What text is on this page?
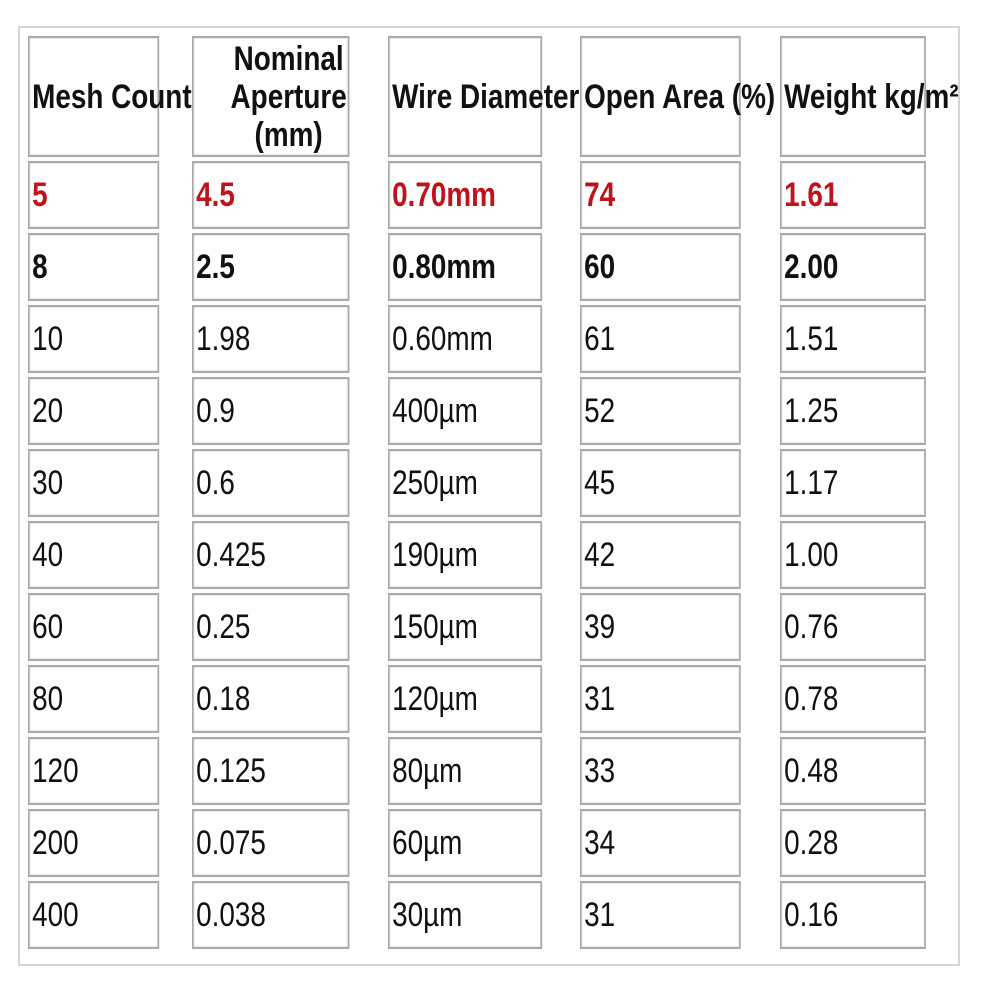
Mesh Count	Nominal Aperture (mm)	Wire Diameter	Open Area (%)	Weight kg/m²

5	4.5	0.70mm	74	1.61

8	2.5	0.80mm	60	2.00

10	1.98	0.60mm	61	1.51

20	0.9	400µm	52	1.25

30	0.6	250µm	45	1.17

40	0.425	190µm	42	1.00

60	0.25	150µm	39	0.76

80	0.18	120µm	31	0.78

120	0.125	80µm	33	0.48

200	0.075	60µm	34	0.28

400	0.038	30µm	31	0.16
